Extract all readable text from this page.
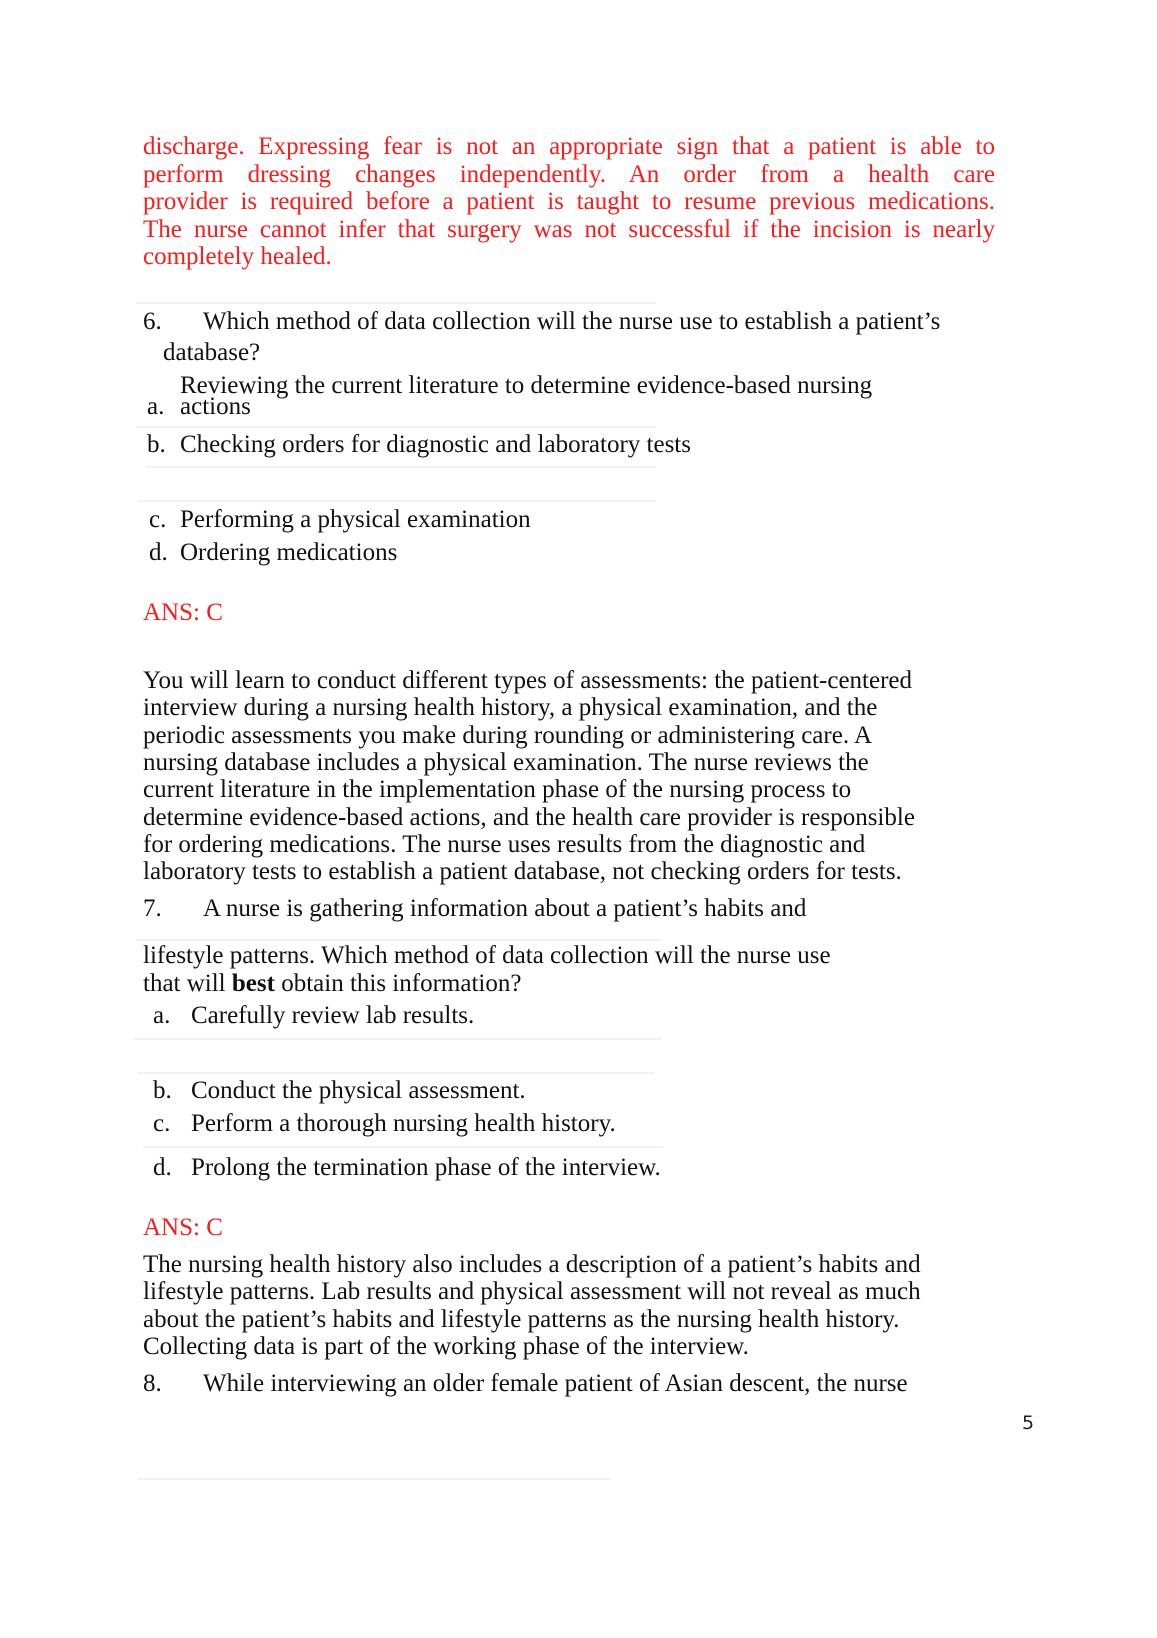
discharge. Expressing fear is not an appropriate sign that a patient is able to
perform dressing changes independently. An order from a health care
provider is required before a patient is taught to resume previous medications.
The nurse cannot infer that surgery was not successful if the incision is nearly
completely healed.
6. Which method of data collection will the nurse use to establish a patient’s
database?
Reviewing the current literature to determine evidence-based nursing
a. actions
b. Checking orders for diagnostic and laboratory tests
c. Performing a physical examination
d. Ordering medications
ANS: C
You will learn to conduct different types of assessments: the patient-centered
interview during a nursing health history, a physical examination, and the
periodic assessments you make during rounding or administering care. A
nursing database includes a physical examination. The nurse reviews the
current literature in the implementation phase of the nursing process to
determine evidence-based actions, and the health care provider is responsible
for ordering medications. The nurse uses results from the diagnostic and
laboratory tests to establish a patient database, not checking orders for tests.
7. A nurse is gathering information about a patient’s habits and
lifestyle patterns. Which method of data collection will the nurse use
that will best obtain this information?
a. Carefully review lab results.
b. Conduct the physical assessment.
c. Perform a thorough nursing health history.
d. Prolong the termination phase of the interview.
ANS: C
The nursing health history also includes a description of a patient’s habits and
lifestyle patterns. Lab results and physical assessment will not reveal as much
about the patient’s habits and lifestyle patterns as the nursing health history.
Collecting data is part of the working phase of the interview.
8. While interviewing an older female patient of Asian descent, the nurse
5
